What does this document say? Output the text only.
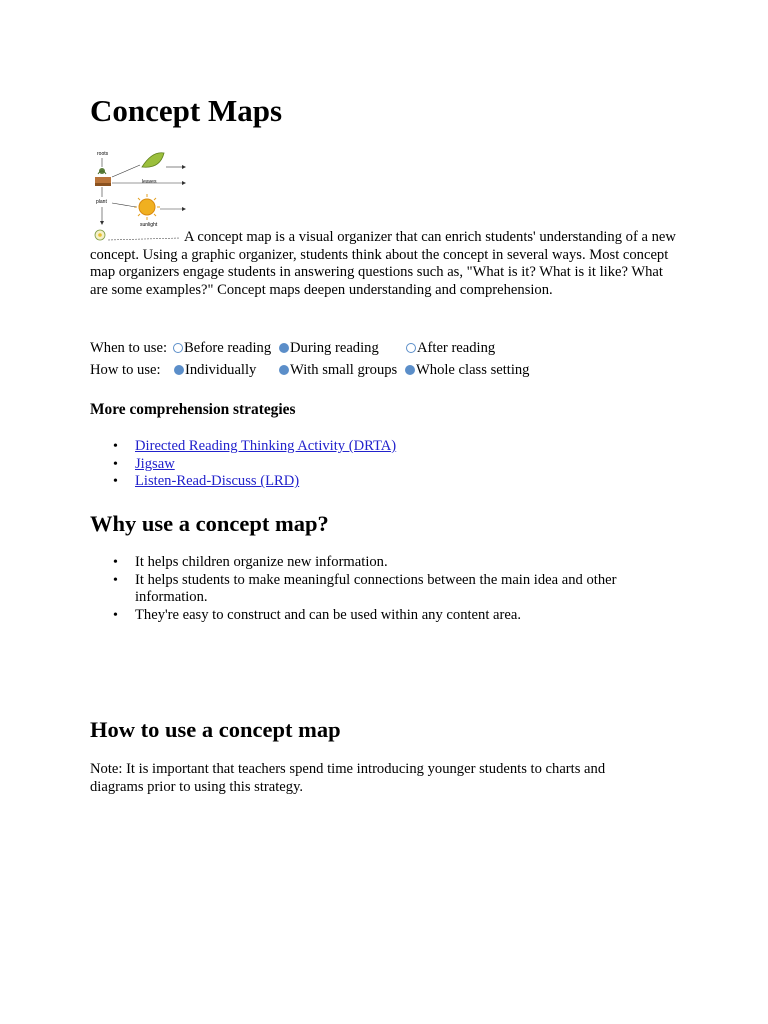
Concept Maps
roots
plant
leaves
sunlight

A concept map is a visual organizer that can enrich students' understanding of a new concept. Using a graphic organizer, students think about the concept in several ways. Most concept map organizers engage students in answering questions such as, "What is it? What is it like? What are some examples?" Concept maps deepen understanding and comprehension.

When to use:	Before reading	During reading	After reading
How to use:	Individually	With small groups	Whole class setting
More comprehension strategies
• Directed Reading Thinking Activity (DRTA)
• Jigsaw
• Listen-Read-Discuss (LRD)
Why use a concept map?
• It helps children organize new information.
• It helps students to make meaningful connections between the main idea and other information.
• They're easy to construct and can be used within any content area.
How to use a concept map

Note: It is important that teachers spend time introducing younger students to charts and diagrams prior to using this strategy.
